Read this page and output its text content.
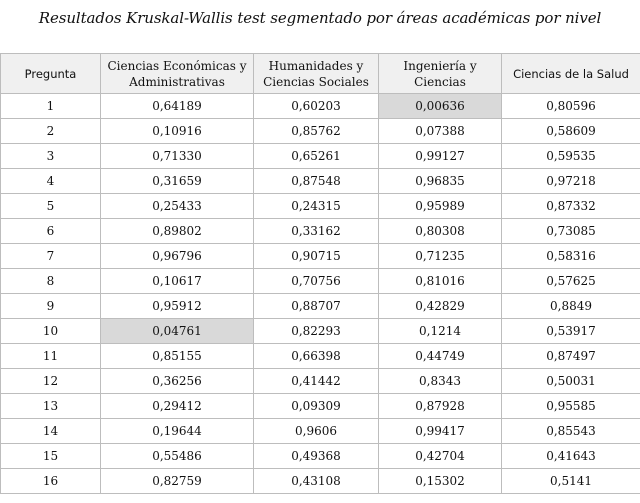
Resultados Kruskal-Wallis test segmentado por áreas académicas por nivel
Pregunta	Ciencias Económicas y Administrativas	Humanidades y Ciencias Sociales	Ingeniería y Ciencias	Ciencias de la Salud
1	0,64189	0,60203	0,00636	0,80596
2	0,10916	0,85762	0,07388	0,58609
3	0,71330	0,65261	0,99127	0,59535
4	0,31659	0,87548	0,96835	0,97218
5	0,25433	0,24315	0,95989	0,87332
6	0,89802	0,33162	0,80308	0,73085
7	0,96796	0,90715	0,71235	0,58316
8	0,10617	0,70756	0,81016	0,57625
9	0,95912	0,88707	0,42829	0,8849
10	0,04761	0,82293	0,1214	0,53917
11	0,85155	0,66398	0,44749	0,87497
12	0,36256	0,41442	0,8343	0,50031
13	0,29412	0,09309	0,87928	0,95585
14	0,19644	0,9606	0,99417	0,85543
15	0,55486	0,49368	0,42704	0,41643
16	0,82759	0,43108	0,15302	0,5141
